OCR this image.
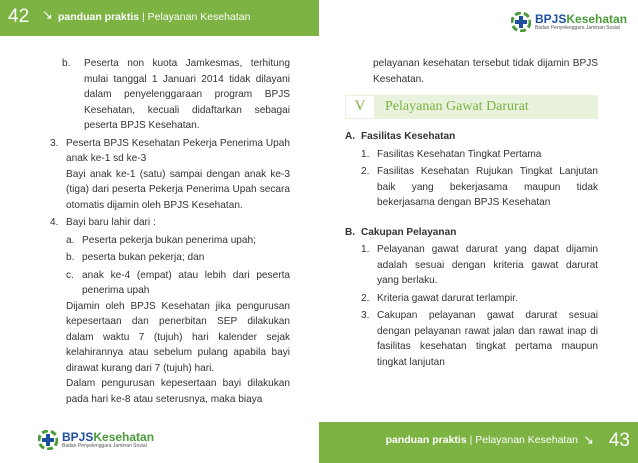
42 ↘ panduan praktis | Pelayanan Kesehatan	BPJSKesehatan
Badan Penyelenggara Jaminan Sosial
b.	Peserta non kuota Jamkesmas, terhitung mulai tanggal 1 Januari 2014 tidak dilayani dalam penyelenggaraan program BPJS Kesehatan, kecuali didaftarkan sebagai peserta BPJS Kesehatan.
3. Peserta BPJS Kesehatan Pekerja Penerima Upah anak ke-1 sd ke-3
Bayi anak ke-1 (satu) sampai dengan anak ke-3 (tiga) dari peserta Pekerja Penerima Upah secara otomatis dijamin oleh BPJS Kesehatan.
4. Bayi baru lahir dari :
a. Peserta pekerja bukan penerima upah;
b. peserta bukan pekerja; dan
c. anak ke-4 (empat) atau lebih dari peserta penerima upah
Dijamin oleh BPJS Kesehatan jika pengurusan kepesertaan dan penerbitan SEP dilakukan dalam waktu 7 (tujuh) hari kalender sejak kelahirannya atau sebelum pulang apabila bayi dirawat kurang dari 7 (tujuh) hari.
Dalam pengurusan kepesertaan bayi dilakukan pada hari ke-8 atau seterusnya, maka biaya
pelayanan kesehatan tersebut tidak dijamin BPJS Kesehatan.
V	Pelayanan Gawat Darurat
A. Fasilitas Kesehatan
1. Fasilitas Kesehatan Tingkat Pertama
2. Fasilitas Kesehatan Rujukan Tingkat Lanjutan baik yang bekerjasama maupun tidak bekerjasama dengan BPJS Kesehatan
B. Cakupan Pelayanan
1. Pelayanan gawat darurat yang dapat dijamin adalah sesuai dengan kriteria gawat darurat yang berlaku.
2. Kriteria gawat darurat terlampir.
3. Cakupan pelayanan gawat darurat sesuai dengan pelayanan rawat jalan dan rawat inap di fasilitas kesehatan tingkat pertama maupun tingkat lanjutan
BPJSKesehatan
Badan Penyelenggara Jaminan Sosial	panduan praktis | Pelayanan Kesehatan ↘ 43
